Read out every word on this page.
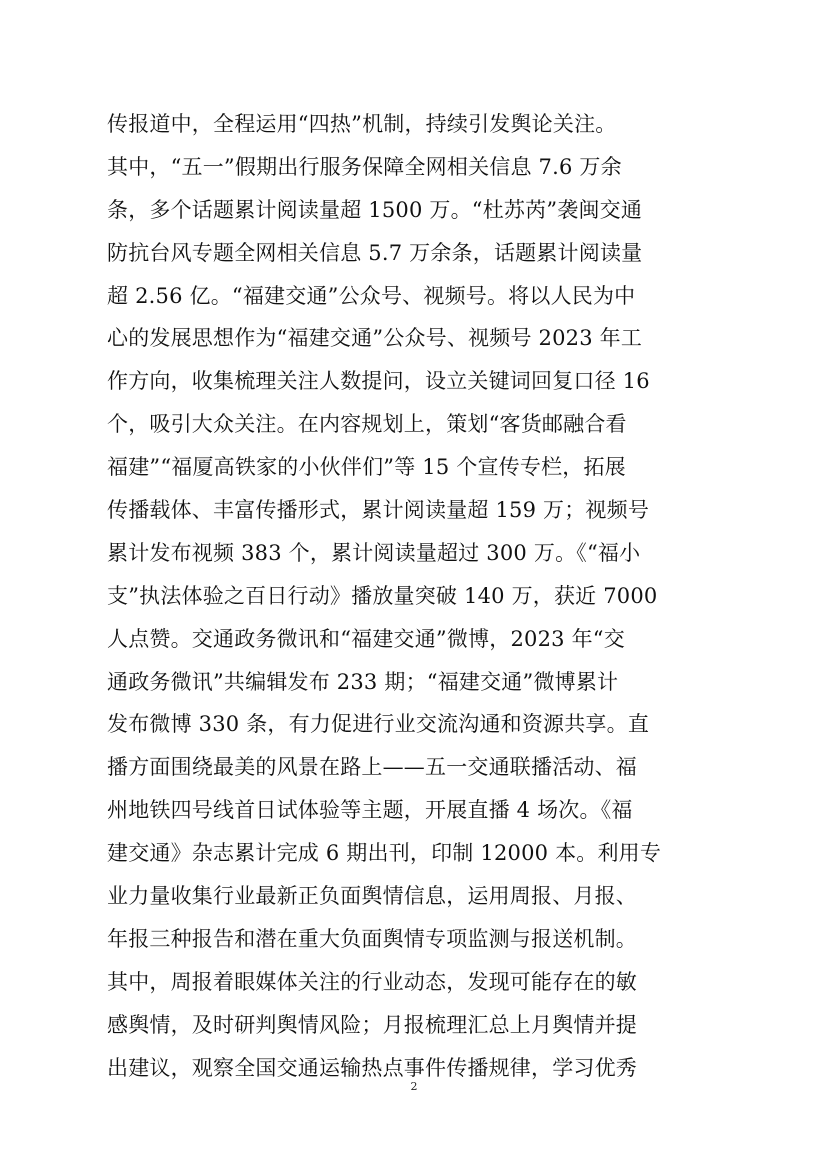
传报道中，全程运用“四热”机制，持续引发舆论关注。
其中，“五一”假期出行服务保障全网相关信息 7.6 万余
条，多个话题累计阅读量超 1500 万。“杜苏芮”袭闽交通
防抗台风专题全网相关信息 5.7 万余条，话题累计阅读量
超 2.56 亿。“福建交通”公众号、视频号。将以人民为中
心的发展思想作为“福建交通”公众号、视频号 2023 年工
作方向，收集梳理关注人数提问，设立关键词回复口径 16
个，吸引大众关注。在内容规划上，策划“客货邮融合看
福建”“福厦高铁家的小伙伴们”等 15 个宣传专栏，拓展
传播载体、丰富传播形式，累计阅读量超 159 万；视频号
累计发布视频 383 个，累计阅读量超过 300 万。《“福小
支”执法体验之百日行动》播放量突破 140 万，获近 7000
人点赞。交通政务微讯和“福建交通”微博，2023 年“交
通政务微讯”共编辑发布 233 期；“福建交通”微博累计
发布微博 330 条，有力促进行业交流沟通和资源共享。直
播方面围绕最美的风景在路上——五一交通联播活动、福
州地铁四号线首日试体验等主题，开展直播 4 场次。《福
建交通》杂志累计完成 6 期出刊，印制 12000 本。利用专
业力量收集行业最新正负面舆情信息，运用周报、月报、
年报三种报告和潜在重大负面舆情专项监测与报送机制。
其中，周报着眼媒体关注的行业动态，发现可能存在的敏
感舆情，及时研判舆情风险；月报梳理汇总上月舆情并提
出建议，观察全国交通运输热点事件传播规律，学习优秀
2
